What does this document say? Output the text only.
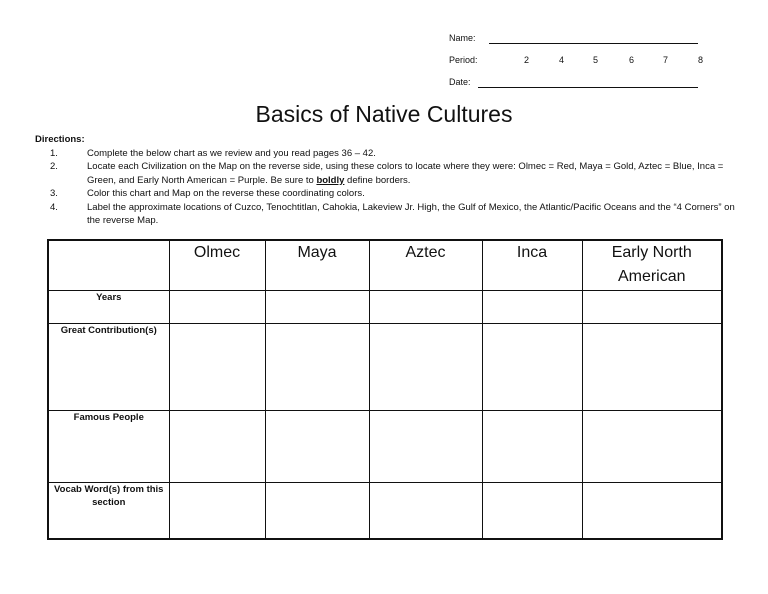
Name:
Period:	2	4	5	6	7	8
Date:
Basics of Native Cultures
Directions:
1.	Complete the below chart as we review and you read pages 36 – 42.
2.	Locate each Civilization on the Map on the reverse side, using these colors to locate where they were: Olmec = Red, Maya = Gold, Aztec = Blue, Inca = Green, and Early North American = Purple. Be sure to boldly define borders.
3.	Color this chart and Map on the reverse these coordinating colors.
4.	Label the approximate locations of Cuzco, Tenochtitlan, Cahokia, Lakeview Jr. High, the Gulf of Mexico, the Atlantic/Pacific Oceans and the “4 Corners” on the reverse Map.
	Olmec	Maya	Aztec	Inca	Early North American
Years					
Great Contribution(s)					
Famous People					
Vocab Word(s) from this section					
